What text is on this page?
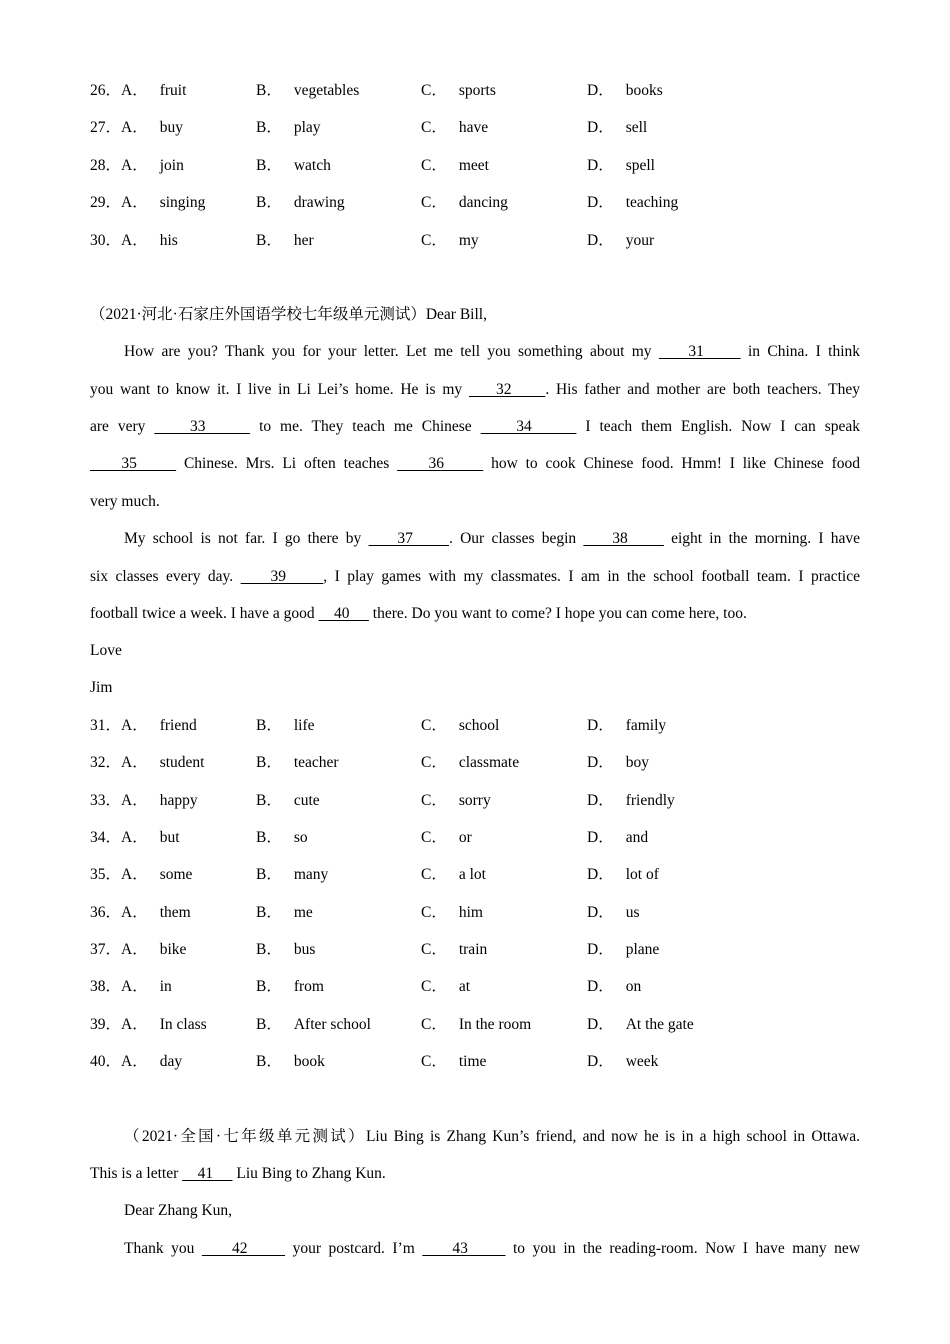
26．A． fruit	B． vegetables	C． sports	D． books
27．A． buy	B． play	C． have	D． sell
28．A． join	B． watch	C． meet	D． spell
29．A． singing	B． drawing	C． dancing	D． teaching
30．A． his	B． her	C． my	D． your
（2021·河北·石家庄外国语学校七年级单元测试）Dear Bill,
How are you? Thank you for your letter. Let me tell you something about my     31      in China. I think
you want to know it. I live in Li Lei’s home. He is my     32     . His father and mother are both teachers. They
are very     33      to me. They teach me Chinese     34      I teach them English. Now I can speak
35      Chinese. Mrs. Li often teaches     36      how to cook Chinese food. Hmm! I like Chinese food
very much.
My school is not far. I go there by     37     . Our classes begin     38      eight in the morning. I have
six classes every day.     39     , I play games with my classmates. I am in the school football team. I practice
football twice a week. I have a good     40      there. Do you want to come? I hope you can come here, too.
Love
Jim
31．A． friend	B． life	C． school	D． family
32．A． student	B． teacher	C． classmate	D． boy
33．A． happy	B． cute	C． sorry	D． friendly
34．A． but	B． so	C． or	D． and
35．A． some	B． many	C． a lot	D． lot of
36．A． them	B． me	C． him	D． us
37．A． bike	B． bus	C． train	D． plane
38．A． in	B． from	C． at	D． on
39．A． In class	B． After school	C． In the room	D． At the gate
40．A． day	B． book	C． time	D． week
（2021·全国·七年级单元测试）Liu Bing is Zhang Kun’s friend, and now he is in a high school in Ottawa.
This is a letter     41      Liu Bing to Zhang Kun.
Dear Zhang Kun,
Thank you     42      your postcard. I’m     43      to you in the reading-room. Now I have many new
